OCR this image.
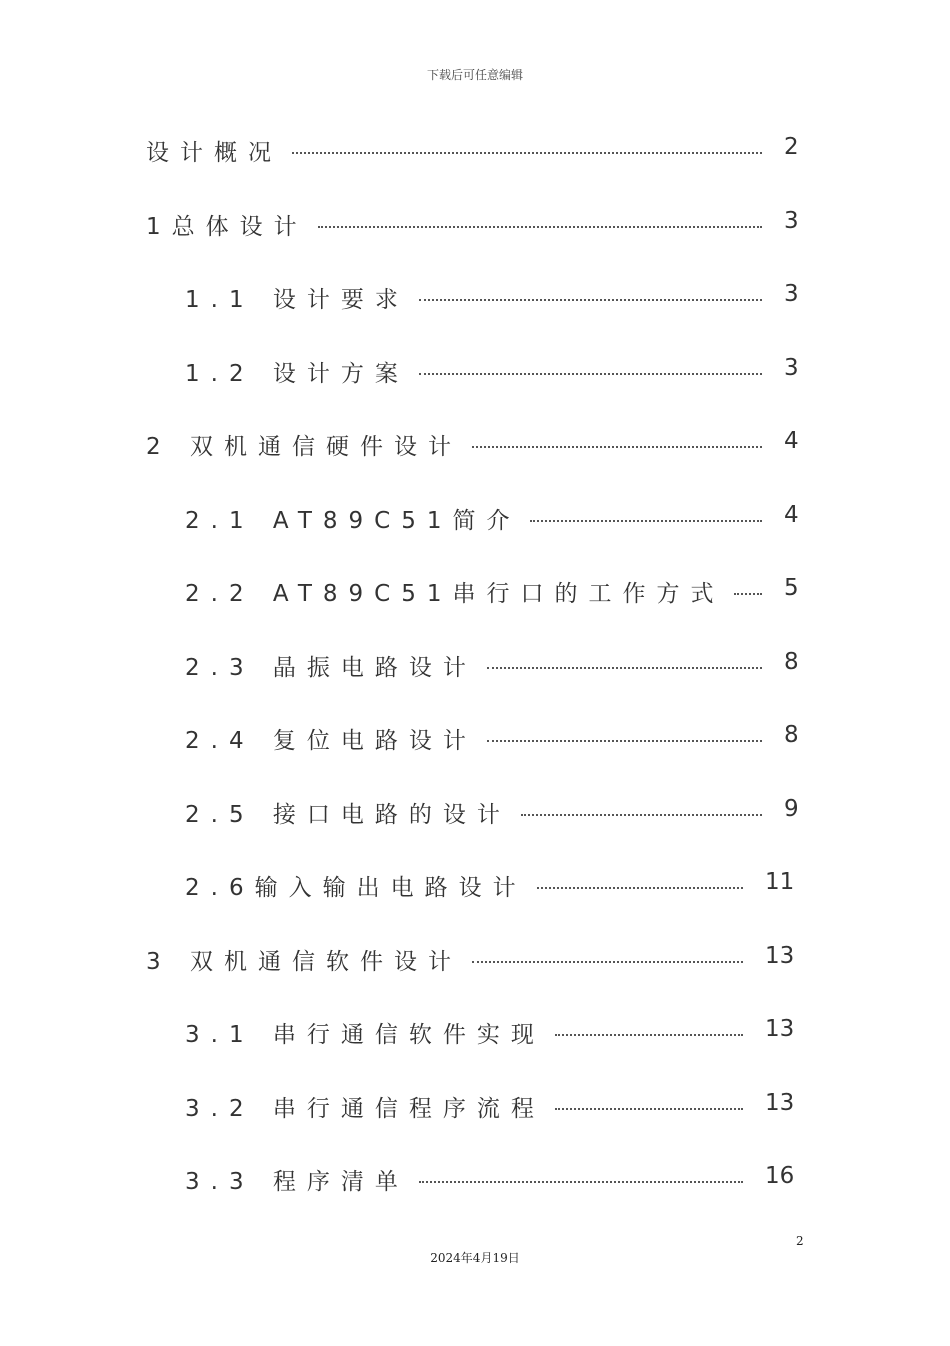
下载后可任意编辑
设计概况	2
1总体设计	3
1.1 设计要求	3
1.2 设计方案	3
2 双机通信硬件设计	4
2.1 AT89C51简介	4
2.2 AT89C51串行口的工作方式	5
2.3 晶振电路设计	8
2.4 复位电路设计	8
2.5 接口电路的设计	9
2.6输入输出电路设计	11
3 双机通信软件设计	13
3.1 串行通信软件实现	13
3.2 串行通信程序流程	13
3.3 程序清单	16
2
2024年4月19日
